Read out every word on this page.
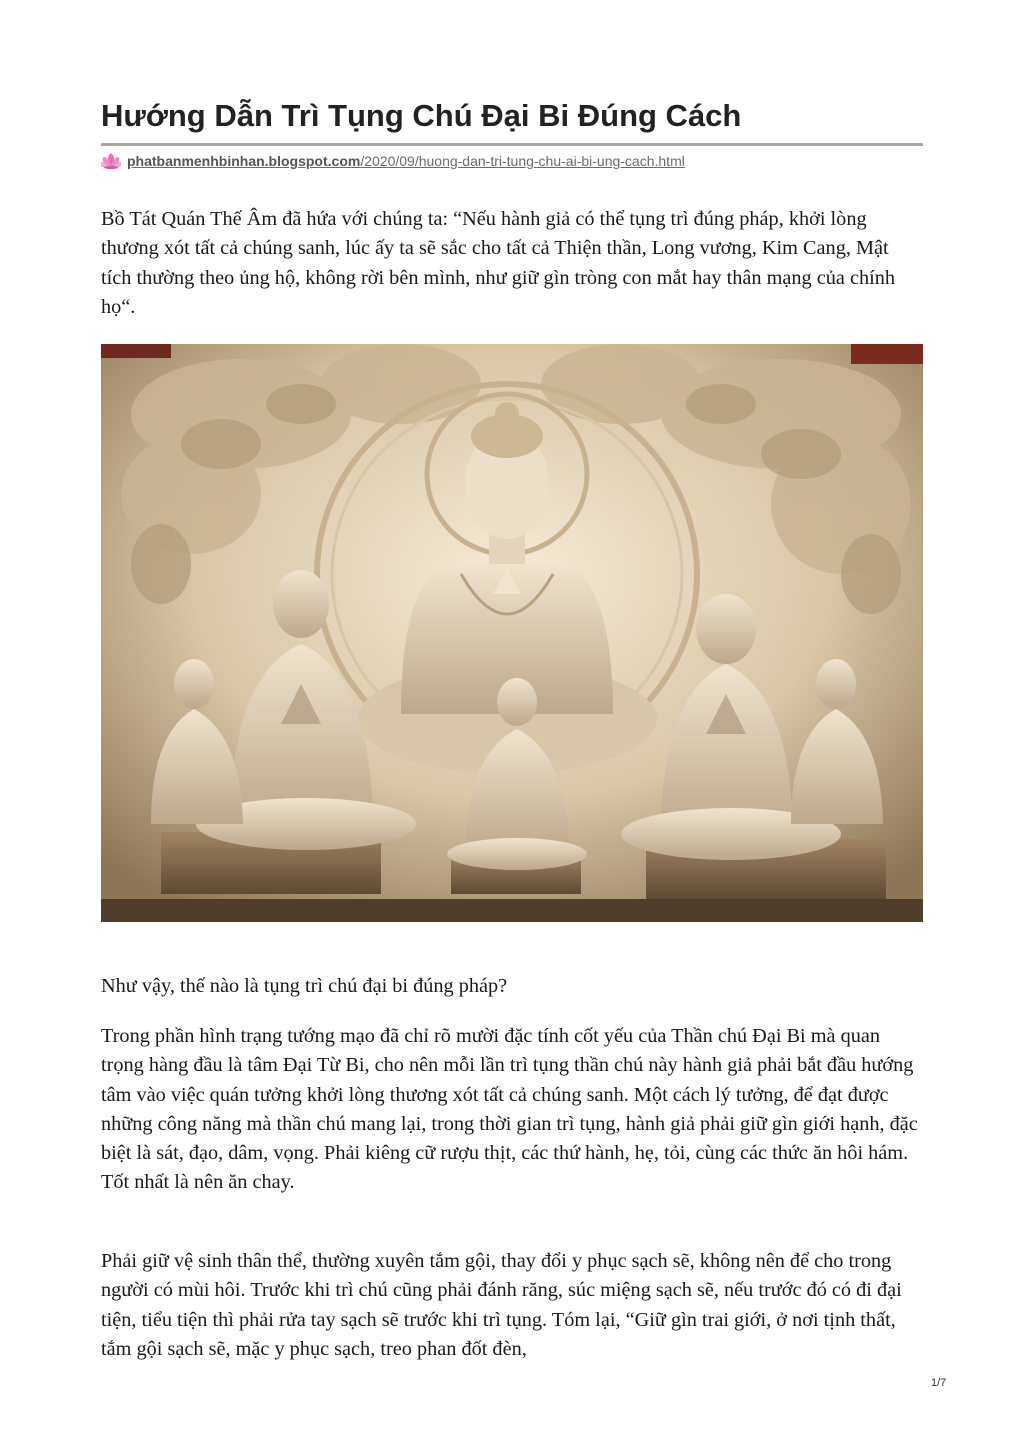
Hướng Dẫn Trì Tụng Chú Đại Bi Đúng Cách
phatbanmenhbinhan.blogspot.com/2020/09/huong-dan-tri-tung-chu-ai-bi-ung-cach.html

Bồ Tát Quán Thế Âm đã hứa với chúng ta: “Nếu hành giả có thể tụng trì đúng pháp, khởi lòng thương xót tất cả chúng sanh, lúc ấy ta sẽ sắc cho tất cả Thiện thần, Long vương, Kim Cang, Mật tích thường theo ủng hộ, không rời bên mình, như giữ gìn tròng con mắt hay thân mạng của chính họ“.

Như vậy, thế nào là tụng trì chú đại bi đúng pháp?

Trong phần hình trạng tướng mạo đã chỉ rõ mười đặc tính cốt yếu của Thần chú Đại Bi mà quan trọng hàng đầu là tâm Đại Từ Bi, cho nên mỗi lần trì tụng thần chú này hành giả phải bắt đầu hướng tâm vào việc quán tưởng khởi lòng thương xót tất cả chúng sanh. Một cách lý tưởng, để đạt được những công năng mà thần chú mang lại, trong thời gian trì tụng, hành giả phải giữ gìn giới hạnh, đặc biệt là sát, đạo, dâm, vọng. Phải kiêng cữ rượu thịt, các thứ hành, hẹ, tỏi, cùng các thức ăn hôi hám. Tốt nhất là nên ăn chay.

Phải giữ vệ sinh thân thể, thường xuyên tắm gội, thay đổi y phục sạch sẽ, không nên để cho trong người có mùi hôi. Trước khi trì chú cũng phải đánh răng, súc miệng sạch sẽ, nếu trước đó có đi đại tiện, tiểu tiện thì phải rửa tay sạch sẽ trước khi trì tụng. Tóm lại, “Giữ gìn trai giới, ở nơi tịnh thất, tắm gội sạch sẽ, mặc y phục sạch, treo phan đốt đèn,

1/7
